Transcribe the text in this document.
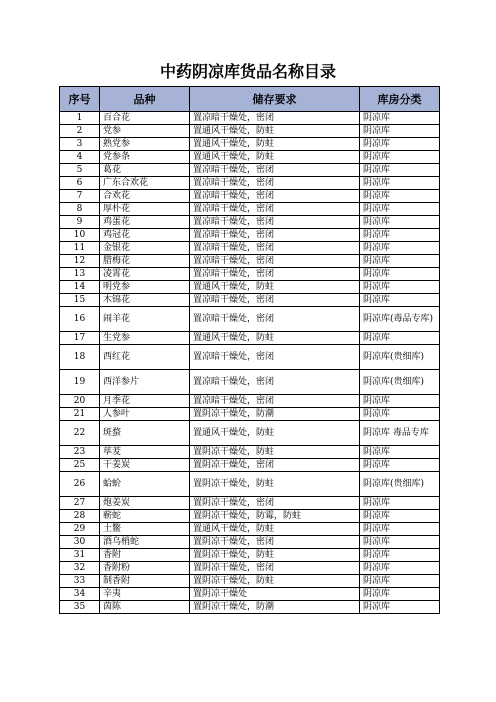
中药阴凉库货品名称目录
序号	品种	储存要求	库房分类
1	百合花	置凉暗干燥处，密闭	阴凉库
2	党参	置通风干燥处，防蛀	阴凉库
3	熟党参	置通风干燥处，防蛀	阴凉库
4	党参条	置通风干燥处，防蛀	阴凉库
5	葛花	置凉暗干燥处，密闭	阴凉库
6	广东合欢花	置凉暗干燥处，密闭	阴凉库
7	合欢花	置凉暗干燥处，密闭	阴凉库
8	厚朴花	置凉暗干燥处，密闭	阴凉库
9	鸡蛋花	置凉暗干燥处，密闭	阴凉库
10	鸡冠花	置凉暗干燥处，密闭	阴凉库
11	金银花	置凉暗干燥处，密闭	阴凉库
12	腊梅花	置凉暗干燥处，密闭	阴凉库
13	凌霄花	置凉暗干燥处，密闭	阴凉库
14	明党参	置通风干燥处，防蛀	阴凉库
15	木锦花	置凉暗干燥处，密闭	阴凉库
16	闹羊花	置凉暗干燥处，密闭	阴凉库(毒品专库)
17	生党参	置通风干燥处，防蛀	阴凉库
18	西红花	置凉暗干燥处，密闭	阴凉库(贵细库)
19	西洋参片	置凉暗干燥处，密闭	阴凉库(贵细库)
20	月季花	置凉暗干燥处，密闭	阴凉库
21	人参叶	置阴凉干燥处，防潮	阴凉库
22	斑蝥	置通风干燥处，防蛀	阴凉库 毒品专库
23	荜茇	置阴凉干燥处，防蛀	阴凉库
25	干姜炭	置阴凉干燥处，密闭	阴凉库
26	蛤蚧	置阴凉干燥处，防蛀	阴凉库(贵细库)
27	炮姜炭	置阴凉干燥处，密闭	阴凉库
28	蕲蛇	置阴凉干燥处，防霉，防蛀	阴凉库
29	土鳖	置通风干燥处，防蛀	阴凉库
30	酒乌梢蛇	置阴凉干燥处，密闭	阴凉库
31	香附	置阴凉干燥处，防蛀	阴凉库
32	香附粉	置阴凉干燥处，密闭	阴凉库
33	制香附	置阴凉干燥处，防蛀	阴凉库
34	辛夷	置阴凉干燥处	阴凉库
35	茵陈	置阴凉干燥处，防潮	阴凉库
